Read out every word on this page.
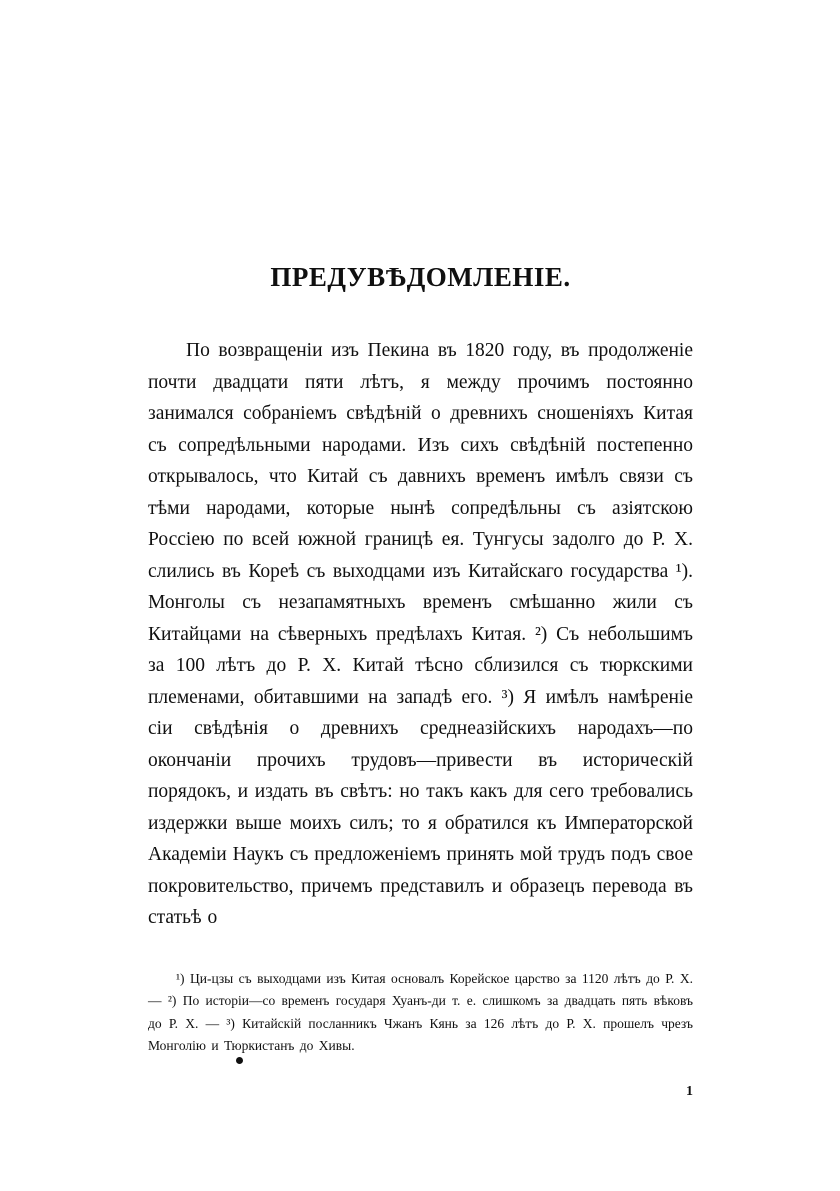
ПРЕДУВѢДОМЛЕНІЕ.

По возвращеніи изъ Пекина въ 1820 году, въ продолженіе почти двадцати пяти лѣтъ, я между прочимъ постоянно занимался собраніемъ свѣдѣній о древнихъ сношеніяхъ Китая съ сопредѣльными народами. Изъ сихъ свѣдѣній постепенно открывалось, что Китай съ давнихъ временъ имѣлъ связи съ тѣми народами, которые нынѣ сопредѣльны съ азіятскою Россіею по всей южной границѣ ея. Тунгусы задолго до Р. Х. слились въ Кореѣ съ выходцами изъ Китайскаго государства ¹). Монголы съ незапамятныхъ временъ смѣшанно жили съ Китайцами на сѣверныхъ предѣлахъ Китая. ²) Съ небольшимъ за 100 лѣтъ до Р. Х. Китай тѣсно сблизился съ тюркскими племенами, обитавшими на западѣ его. ³) Я имѣлъ намѣреніе сіи свѣдѣнія о древнихъ среднеазійскихъ народахъ—по окончаніи прочихъ трудовъ—привести въ историческій порядокъ, и издать въ свѣтъ: но такъ какъ для сего требовались издержки выше моихъ силъ; то я обратился къ Императорской Академіи Наукъ съ предложеніемъ принять мой трудъ подъ свое покровительство, причемъ представилъ и образецъ перевода въ статьѣ о

¹) Ци-цзы съ выходцами изъ Китая основалъ Корейское царство за 1120 лѣтъ до Р. Х. — ²) По исторіи—со временъ государя Хуанъ-ди т. е. слишкомъ за двадцать пять вѣковъ до Р. Х. — ³) Китайскій посланникъ Чжанъ Кянь за 126 лѣтъ до Р. Х. прошелъ чрезъ Монголію и Тюркистанъ до Хивы.

1
